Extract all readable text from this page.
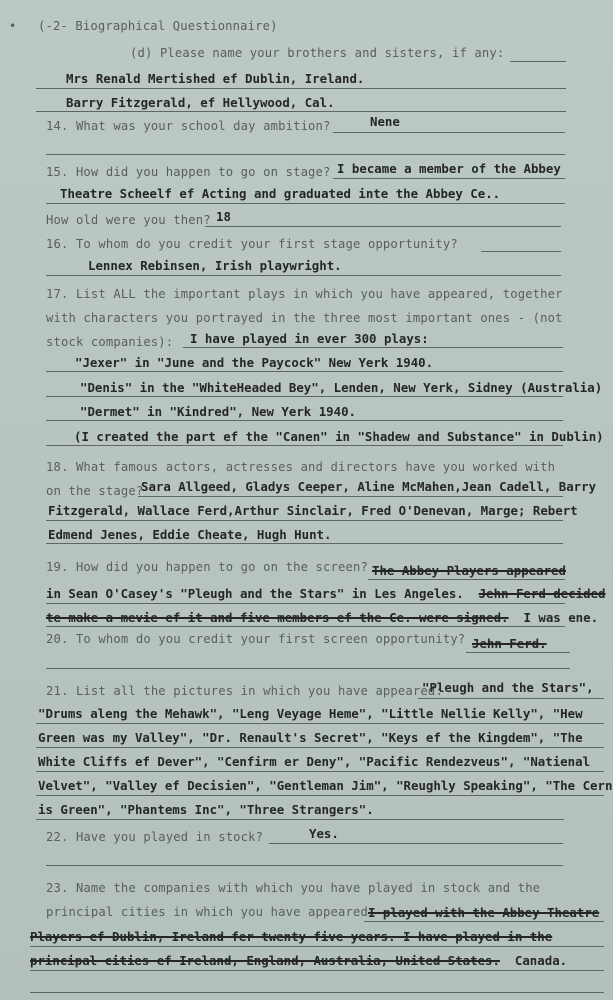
• (-2- Biographical Questionnaire)
(d) Please name your brothers and sisters, if any:
Mrs Renald Mertished ef Dublin, Ireland.
Barry Fitzgerald, ef Hellywood, Cal.
14. What was your school day ambition?	Nene
15. How did you happen to go on stage? I became a member of the Abbey
Theatre Scheelf ef Acting and graduated inte the Abbey Ce..
How old were you then? 18
16. To whom do you credit your first stage opportunity?
Lennex Rebinsen, Irish playwright.
17. List ALL the important plays in which you have appeared, together
with characters you portrayed in the three most important ones - (not
stock companies): I have played in ever 300 plays:
"Jexer" in "June and the Paycock" New Yerk 1940.
"Denis" in the "WhiteHeaded Bey", Lenden, New Yerk, Sidney (Australia)
"Dermet" in "Kindred", New Yerk 1940.
(I created the part ef the "Canen" in "Shadew and Substance" in Dublin)
18. What famous actors, actresses and directors have you worked with
on the stage?
Sara Allgeed, Gladys Ceeper, Aline McMahen,Jean Cadell, Barry
Fitzgerald, Wallace Ferd,Arthur Sinclair, Fred O'Denevan, Marge; Rebert
Edmend Jenes, Eddie Cheate, Hugh Hunt.
19. How did you happen to go on the screen? The Abbey Players appeared
in Sean O'Casey's "Pleugh and the Stars" in Les Angeles. Jehn Ferd decided
te make a mevie ef it and five members ef the Ce. were signed. I was ene.
20. To whom do you credit your first screen opportunity? Jehn Ferd.
21. List all the pictures in which you have appeared:
"Pleugh and the Stars",
"Drums aleng the Mehawk", "Leng Veyage Heme", "Little Nellie Kelly", "Hew
Green was my Valley", "Dr. Renault's Secret", "Keys ef the Kingdem", "The
White Cliffs ef Dever", "Cenfirm er Deny", "Pacific Rendezveus", "Natienal
Velvet", "Valley ef Decisien", "Gentleman Jim", "Reughly Speaking", "The Cern
is Green", "Phantems Inc", "Three Strangers".
22. Have you played in stock?	Yes.
23. Name the companies with which you have played in stock and the
principal cities in which you have appeared:
I played with the Abbey Theatre
Players ef Dublin, Ireland fer twenty five years. I have played in the
principal cities ef Ireland, England, Australia, United States. Canada.
